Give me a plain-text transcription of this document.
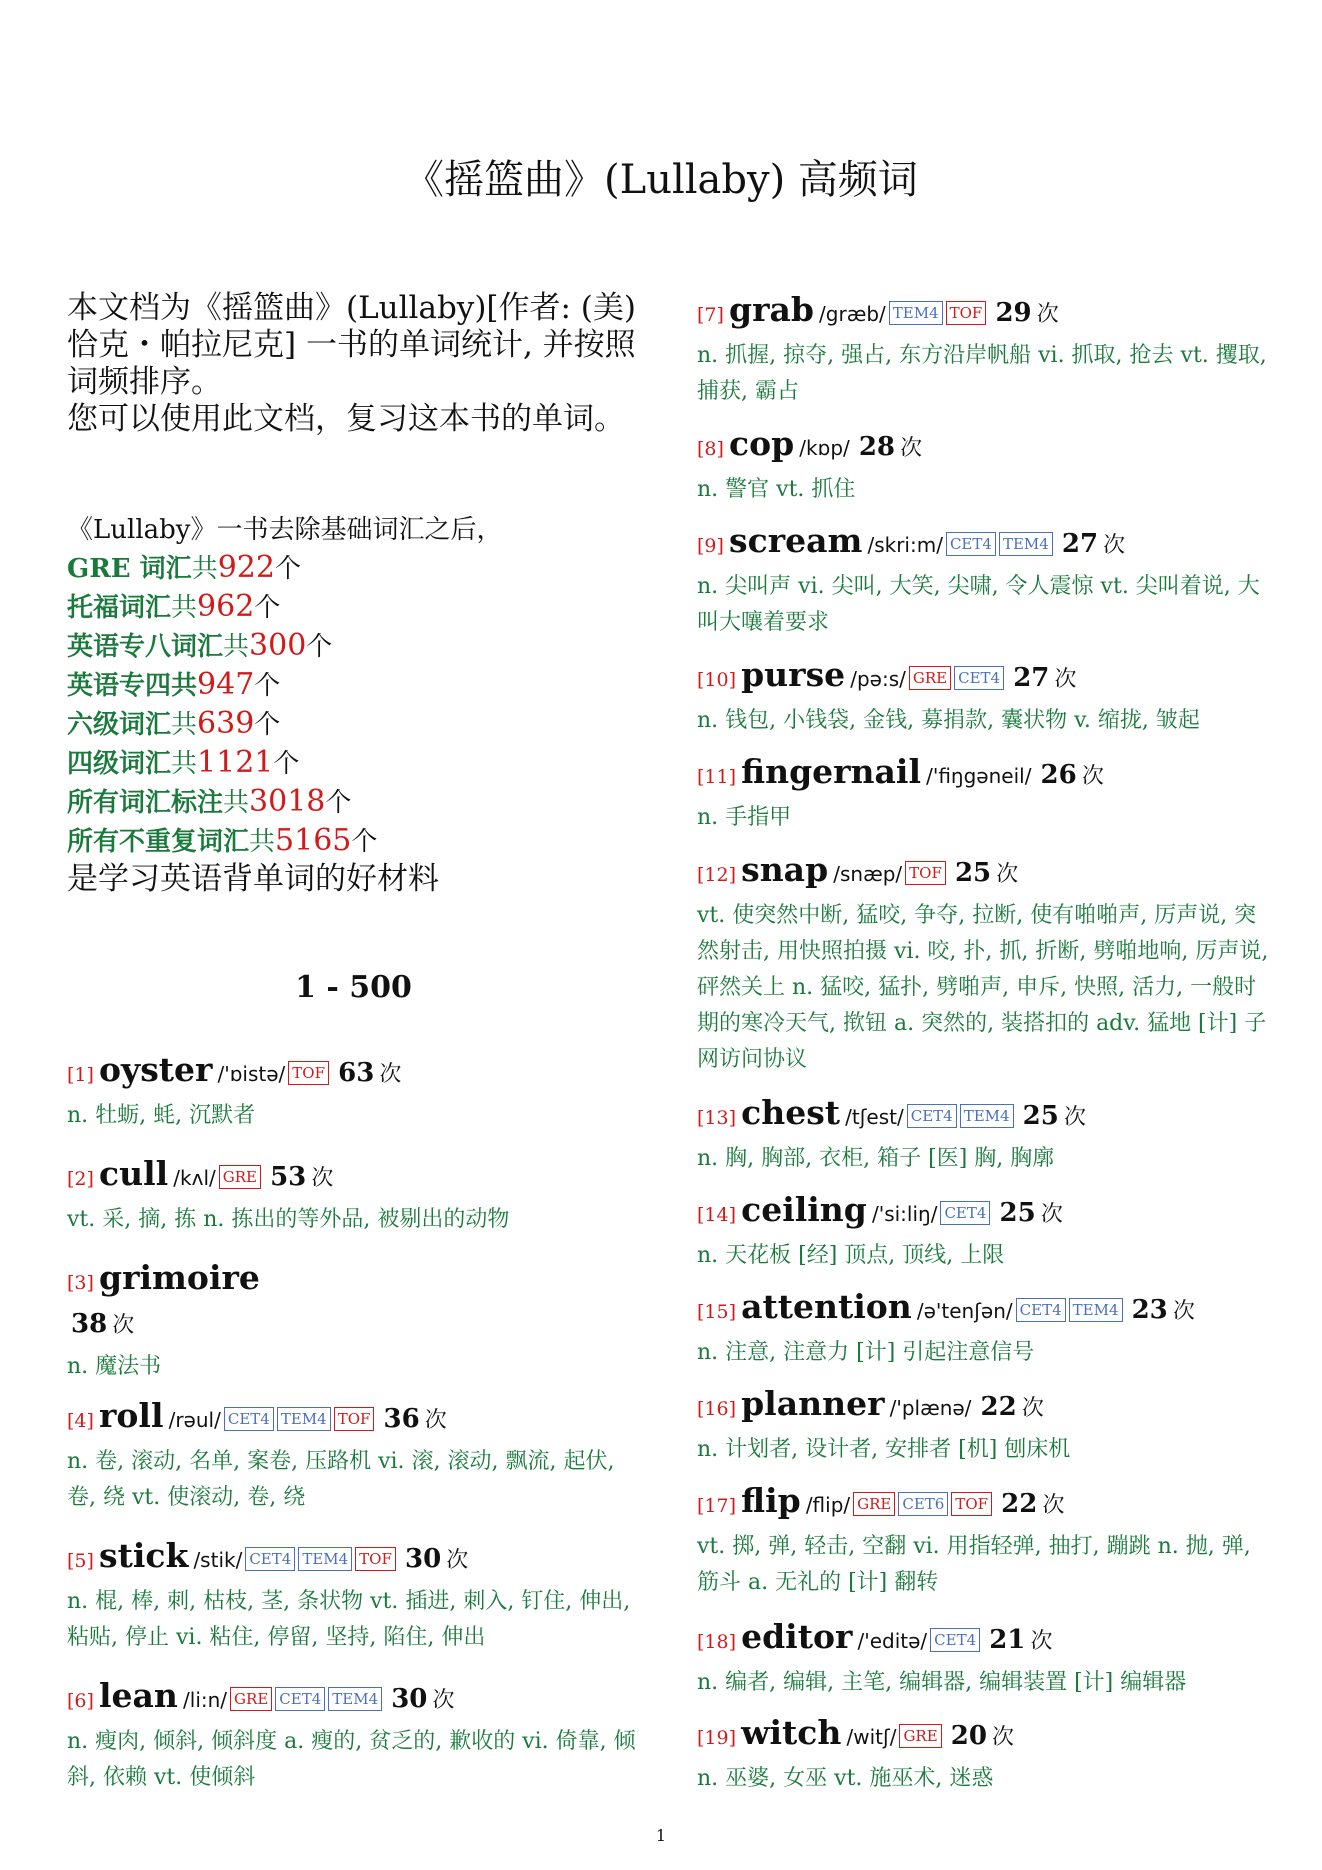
《摇篮曲》(Lullaby) 高频词
本文档为《摇篮曲》(Lullaby)[作者: (美) 恰克・帕拉尼克] 一书的单词统计, 并按照词频排序。
您可以使用此文档，复习这本书的单词。
《Lullaby》一书去除基础词汇之后，
GRE 词汇共922个
托福词汇共962个
英语专八词汇共300个
英语专四共947个
六级词汇共639个
四级词汇共1121个
所有词汇标注共3018个
所有不重复词汇共5165个
是学习英语背单词的好材料
1 - 500
[1] oyster /'ɒistə/ TOF 63 次
n. 牡蛎, 蚝, 沉默者
[2] cull /kʌl/ GRE 53 次
vt. 采, 摘, 拣 n. 拣出的等外品, 被剔出的动物
[3] grimoire
38 次
n. 魔法书
[4] roll /rəul/ CET4 TEM4 TOF 36 次
n. 卷, 滚动, 名单, 案卷, 压路机 vi. 滚, 滚动, 飘流, 起伏, 卷, 绕 vt. 使滚动, 卷, 绕
[5] stick /stik/ CET4 TEM4 TOF 30 次
n. 棍, 棒, 刺, 枯枝, 茎, 条状物 vt. 插进, 刺入, 钉住, 伸出, 粘贴, 停止 vi. 粘住, 停留, 坚持, 陷住, 伸出
[6] lean /li:n/ GRE CET4 TEM4 30 次
n. 瘦肉, 倾斜, 倾斜度 a. 瘦的, 贫乏的, 歉收的 vi. 倚靠, 倾斜, 依赖 vt. 使倾斜
[7] grab /græb/ TEM4 TOF 29 次
n. 抓握, 掠夺, 强占, 东方沿岸帆船 vi. 抓取, 抢去 vt. 攫取, 捕获, 霸占
[8] cop /kɒp/ 28 次
n. 警官 vt. 抓住
[9] scream /skri:m/ CET4 TEM4 27 次
n. 尖叫声 vi. 尖叫, 大笑, 尖啸, 令人震惊 vt. 尖叫着说, 大叫大嚷着要求
[10] purse /pə:s/ GRE CET4 27 次
n. 钱包, 小钱袋, 金钱, 募捐款, 囊状物 v. 缩拢, 皱起
[11] fingernail /'fiŋgəneil/ 26 次
n. 手指甲
[12] snap /snæp/ TOF 25 次
vt. 使突然中断, 猛咬, 争夺, 拉断, 使有啪啪声, 厉声说, 突然射击, 用快照拍摄 vi. 咬, 扑, 抓, 折断, 劈啪地响, 厉声说, 砰然关上 n. 猛咬, 猛扑, 劈啪声, 申斥, 快照, 活力, 一般时期的寒冷天气, 揿钮 a. 突然的, 装搭扣的 adv. 猛地 [计] 子网访问协议
[13] chest /tʃest/ CET4 TEM4 25 次
n. 胸, 胸部, 衣柜, 箱子 [医] 胸, 胸廓
[14] ceiling /'si:liŋ/ CET4 25 次
n. 天花板 [经] 顶点, 顶线, 上限
[15] attention /ə'tenʃən/ CET4 TEM4 23 次
n. 注意, 注意力 [计] 引起注意信号
[16] planner /'plænə/ 22 次
n. 计划者, 设计者, 安排者 [机] 刨床机
[17] flip /flip/ GRE CET6 TOF 22 次
vt. 掷, 弹, 轻击, 空翻 vi. 用指轻弹, 抽打, 蹦跳 n. 抛, 弹, 筋斗 a. 无礼的 [计] 翻转
[18] editor /'editə/ CET4 21 次
n. 编者, 编辑, 主笔, 编辑器, 编辑装置 [计] 编辑器
[19] witch /witʃ/ GRE 20 次
n. 巫婆, 女巫 vt. 施巫术, 迷惑
1
